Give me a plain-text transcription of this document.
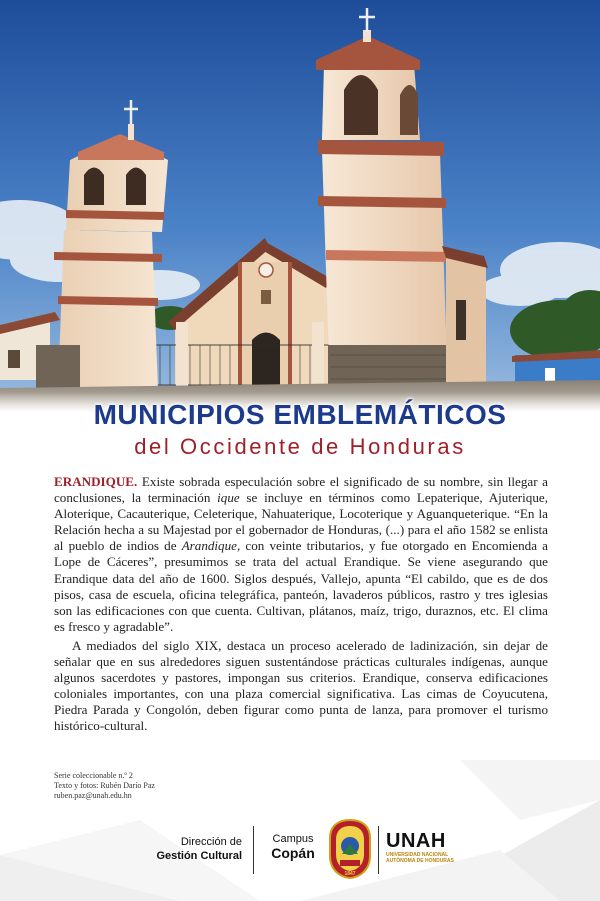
MUNICIPIOS EMBLEMÁTICOS
del Occidente de Honduras

ERANDIQUE. Existe sobrada especulación sobre el significado de su nombre, sin llegar a conclusiones, la terminación ique se incluye en términos como Lepaterique, Ajuterique, Aloterique, Cacauterique, Celeterique, Nahuaterique, Locoterique y Aguanqueterique. “En la Relación hecha a su Majestad por el gobernador de Honduras, (...) para el año 1582 se enlista al pueblo de indios de Arandique, con veinte tributarios, y fue otorgado en Encomienda a Lope de Cáceres”, presumimos se trata del actual Erandique. Se viene asegurando que Erandique data del año de 1600. Siglos después, Vallejo, apunta “El cabildo, que es de dos pisos, casa de escuela, oficina telegráfica, panteón, lavaderos públicos, rastro y tres iglesias son las edificaciones con que cuenta. Cultivan, plátanos, maíz, trigo, duraznos, etc. El clima es fresco y agradable”.

A mediados del siglo XIX, destaca un proceso acelerado de ladinización, sin dejar de señalar que en sus alrededores siguen sustentándose prácticas culturales indígenas, aunque algunos sacerdotes y pastores, impongan sus criterios. Erandique, conserva edificaciones coloniales importantes, con una plaza comercial significativa. Las cimas de Coyucutena, Piedra Parada y Congolón, deben figurar como punta de lanza, para promover el turismo histórico-cultural.

Serie coleccionable n.º 2
Texto y fotos: Rubén Darío Paz
ruben.paz@unah.edu.hn
Dirección de
Gestión Cultural
Campus
Copán
1847
UNAH
UNIVERSIDAD NACIONAL
AUTÓNOMA DE HONDURAS
